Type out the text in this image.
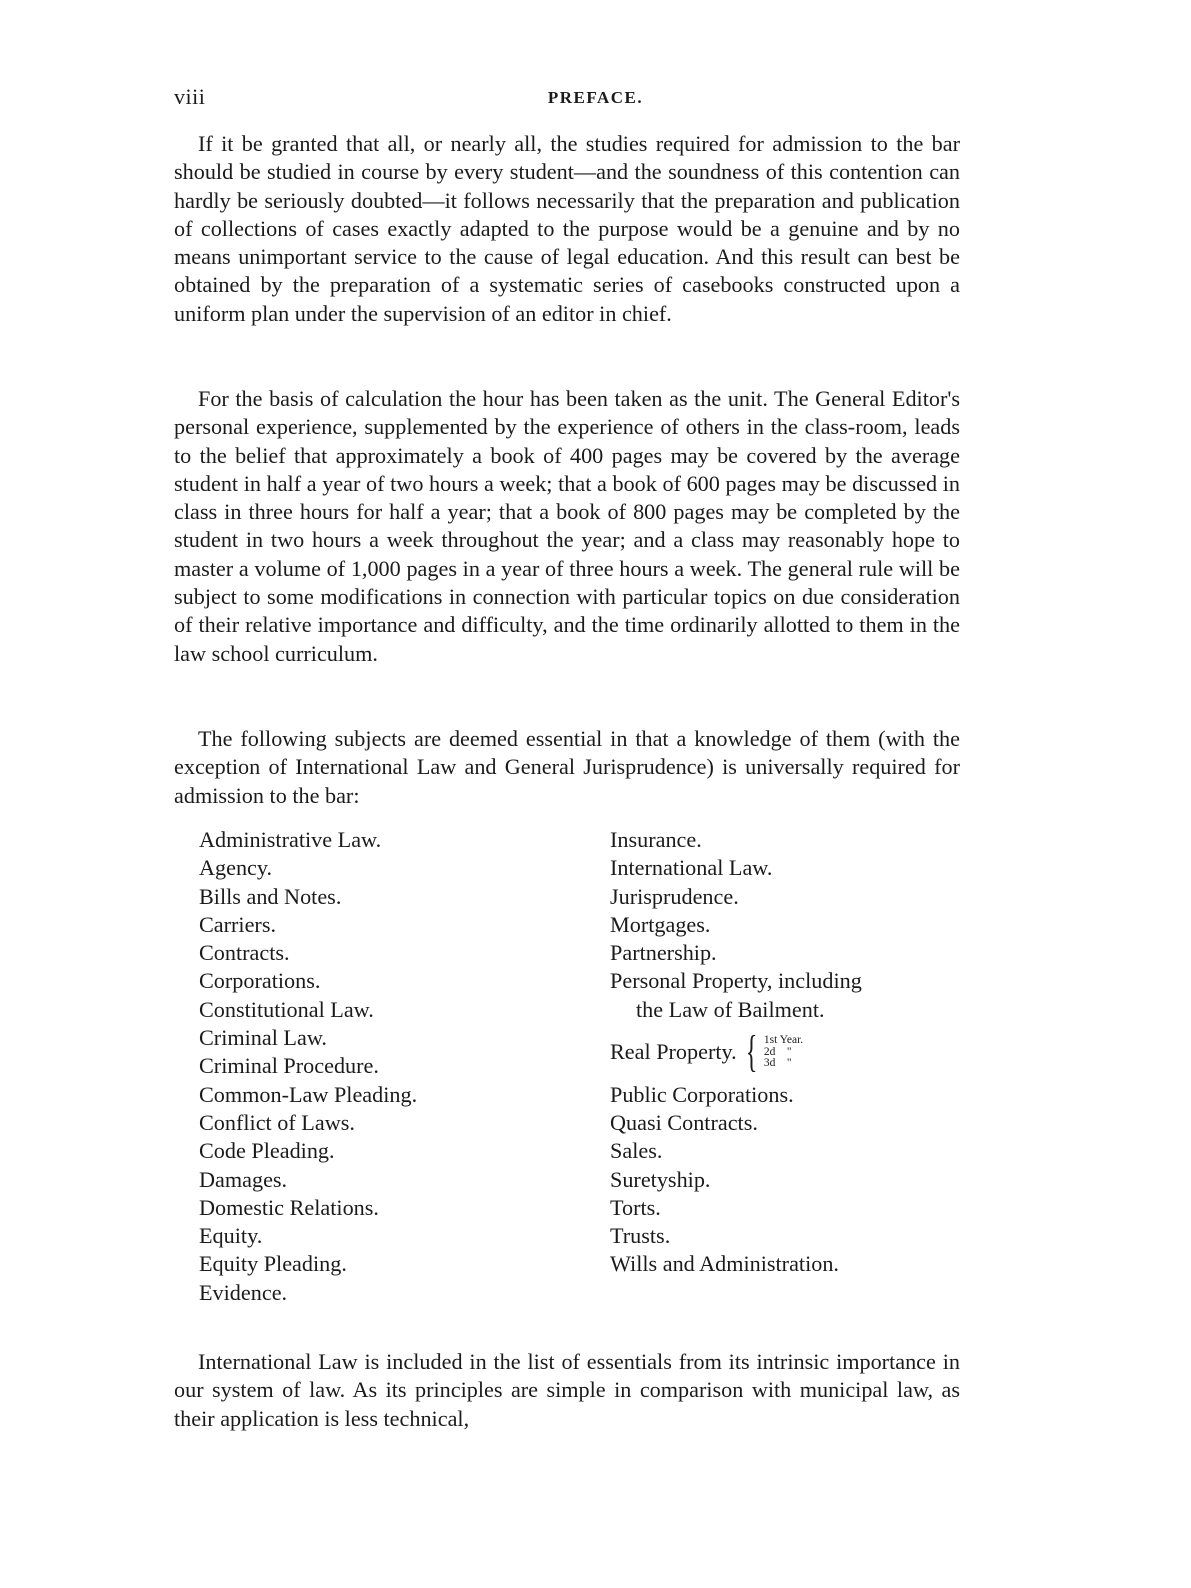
viii	PREFACE.

If it be granted that all, or nearly all, the studies required for admission to the bar should be studied in course by every student—and the soundness of this contention can hardly be seriously doubted—it follows necessarily that the preparation and publication of collections of cases exactly adapted to the purpose would be a genuine and by no means unimportant service to the cause of legal education. And this result can best be obtained by the preparation of a systematic series of casebooks constructed upon a uniform plan under the supervision of an editor in chief.

For the basis of calculation the hour has been taken as the unit. The General Editor's personal experience, supplemented by the experience of others in the class-room, leads to the belief that approximately a book of 400 pages may be covered by the average student in half a year of two hours a week; that a book of 600 pages may be discussed in class in three hours for half a year; that a book of 800 pages may be completed by the student in two hours a week throughout the year; and a class may reasonably hope to master a volume of 1,000 pages in a year of three hours a week. The general rule will be subject to some modifications in connection with particular topics on due consideration of their relative importance and difficulty, and the time ordinarily allotted to them in the law school curriculum.

The following subjects are deemed essential in that a knowledge of them (with the exception of International Law and General Jurisprudence) is universally required for admission to the bar:

Administrative Law.
Agency.
Bills and Notes.
Carriers.
Contracts.
Corporations.
Constitutional Law.
Criminal Law.
Criminal Procedure.
Common-Law Pleading.
Conflict of Laws.
Code Pleading.
Damages.
Domestic Relations.
Equity.
Equity Pleading.
Evidence.
Insurance.
International Law.
Jurisprudence.
Mortgages.
Partnership.
Personal Property, including
the Law of Bailment.
Real Property. { 1st Year.
2d    "
3d    "
Public Corporations.
Quasi Contracts.
Sales.
Suretyship.
Torts.
Trusts.
Wills and Administration.

International Law is included in the list of essentials from its intrinsic importance in our system of law. As its principles are simple in comparison with municipal law, as their application is less technical,
